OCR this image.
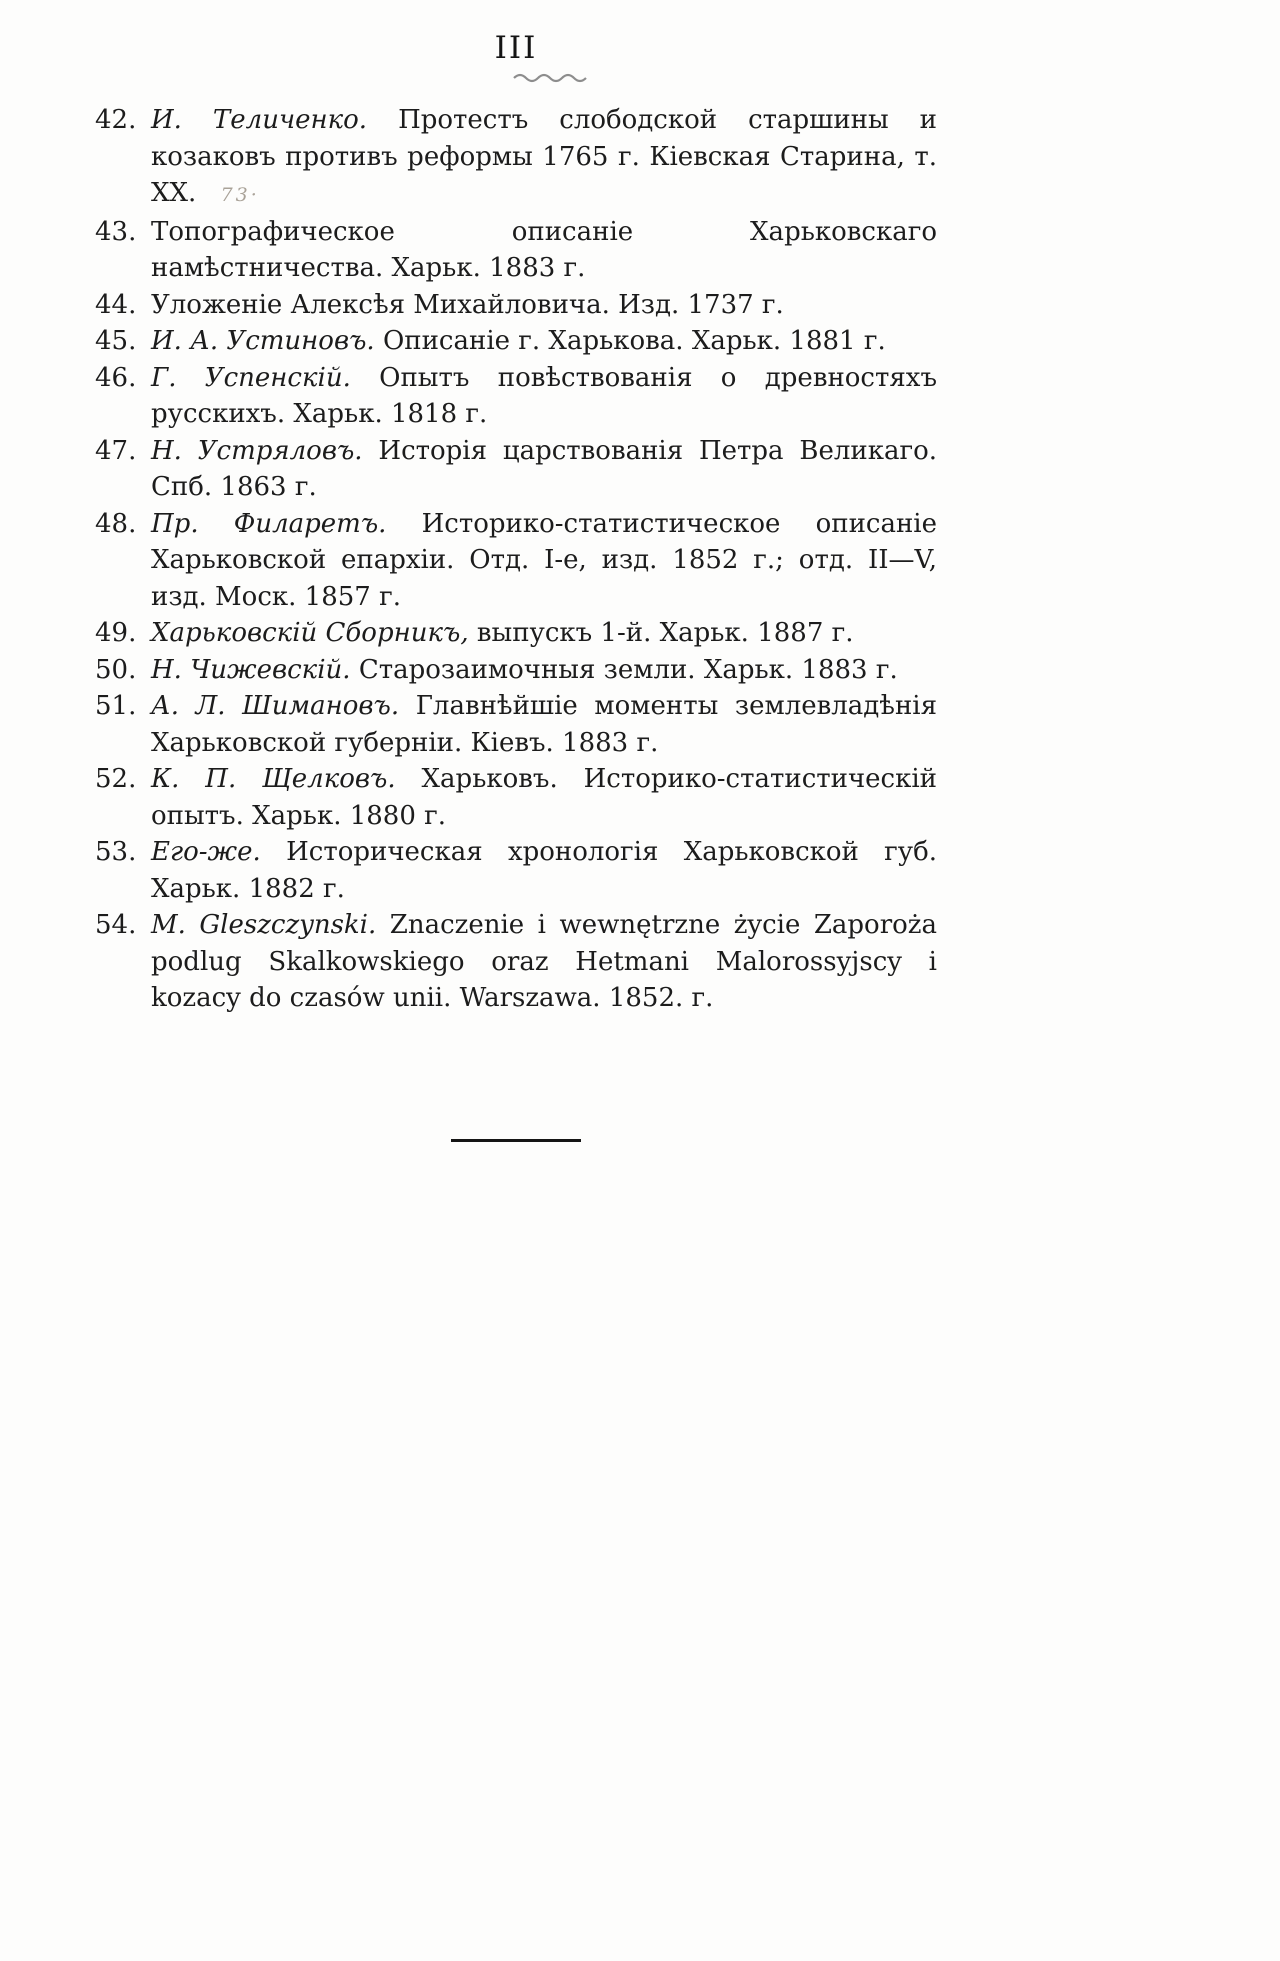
III
42. И. Теличенко. Протестъ слободской старшины и козаковъ противъ реформы 1765 г. Кіевская Старина, т. XX. 73·
43. Топографическое описаніе Харьковскаго намѣстничества. Харьк. 1883 г.
44. Уложеніе Алексѣя Михайловича. Изд. 1737 г.
45. И. А. Устиновъ. Описаніе г. Харькова. Харьк. 1881 г.
46. Г. Успенскій. Опытъ повѣствованія о древностяхъ русскихъ. Харьк. 1818 г.
47. Н. Устряловъ. Исторія царствованія Петра Великаго. Спб. 1863 г.
48. Пр. Филаретъ. Историко-статистическое описаніе Харьковской епархіи. Отд. I-е, изд. 1852 г.; отд. II—V, изд. Моск. 1857 г.
49. Харьковскій Сборникъ, выпускъ 1-й. Харьк. 1887 г.
50. Н. Чижевскій. Старозаимочныя земли. Харьк. 1883 г.
51. А. Л. Шимановъ. Главнѣйшіе моменты землевладѣнія Харьковской губерніи. Кіевъ. 1883 г.
52. К. П. Щелковъ. Харьковъ. Историко-статистическій опытъ. Харьк. 1880 г.
53. Его-же. Историческая хронологія Харьковской губ. Харьк. 1882 г.
54. M. Gleszczynski. Znaczenie i wewnętrzne życie Zaporoża podlug Skalkowskiego oraz Hetmani Malorossyjscy i kozacy do czasów unii. Warszawa. 1852. г.
